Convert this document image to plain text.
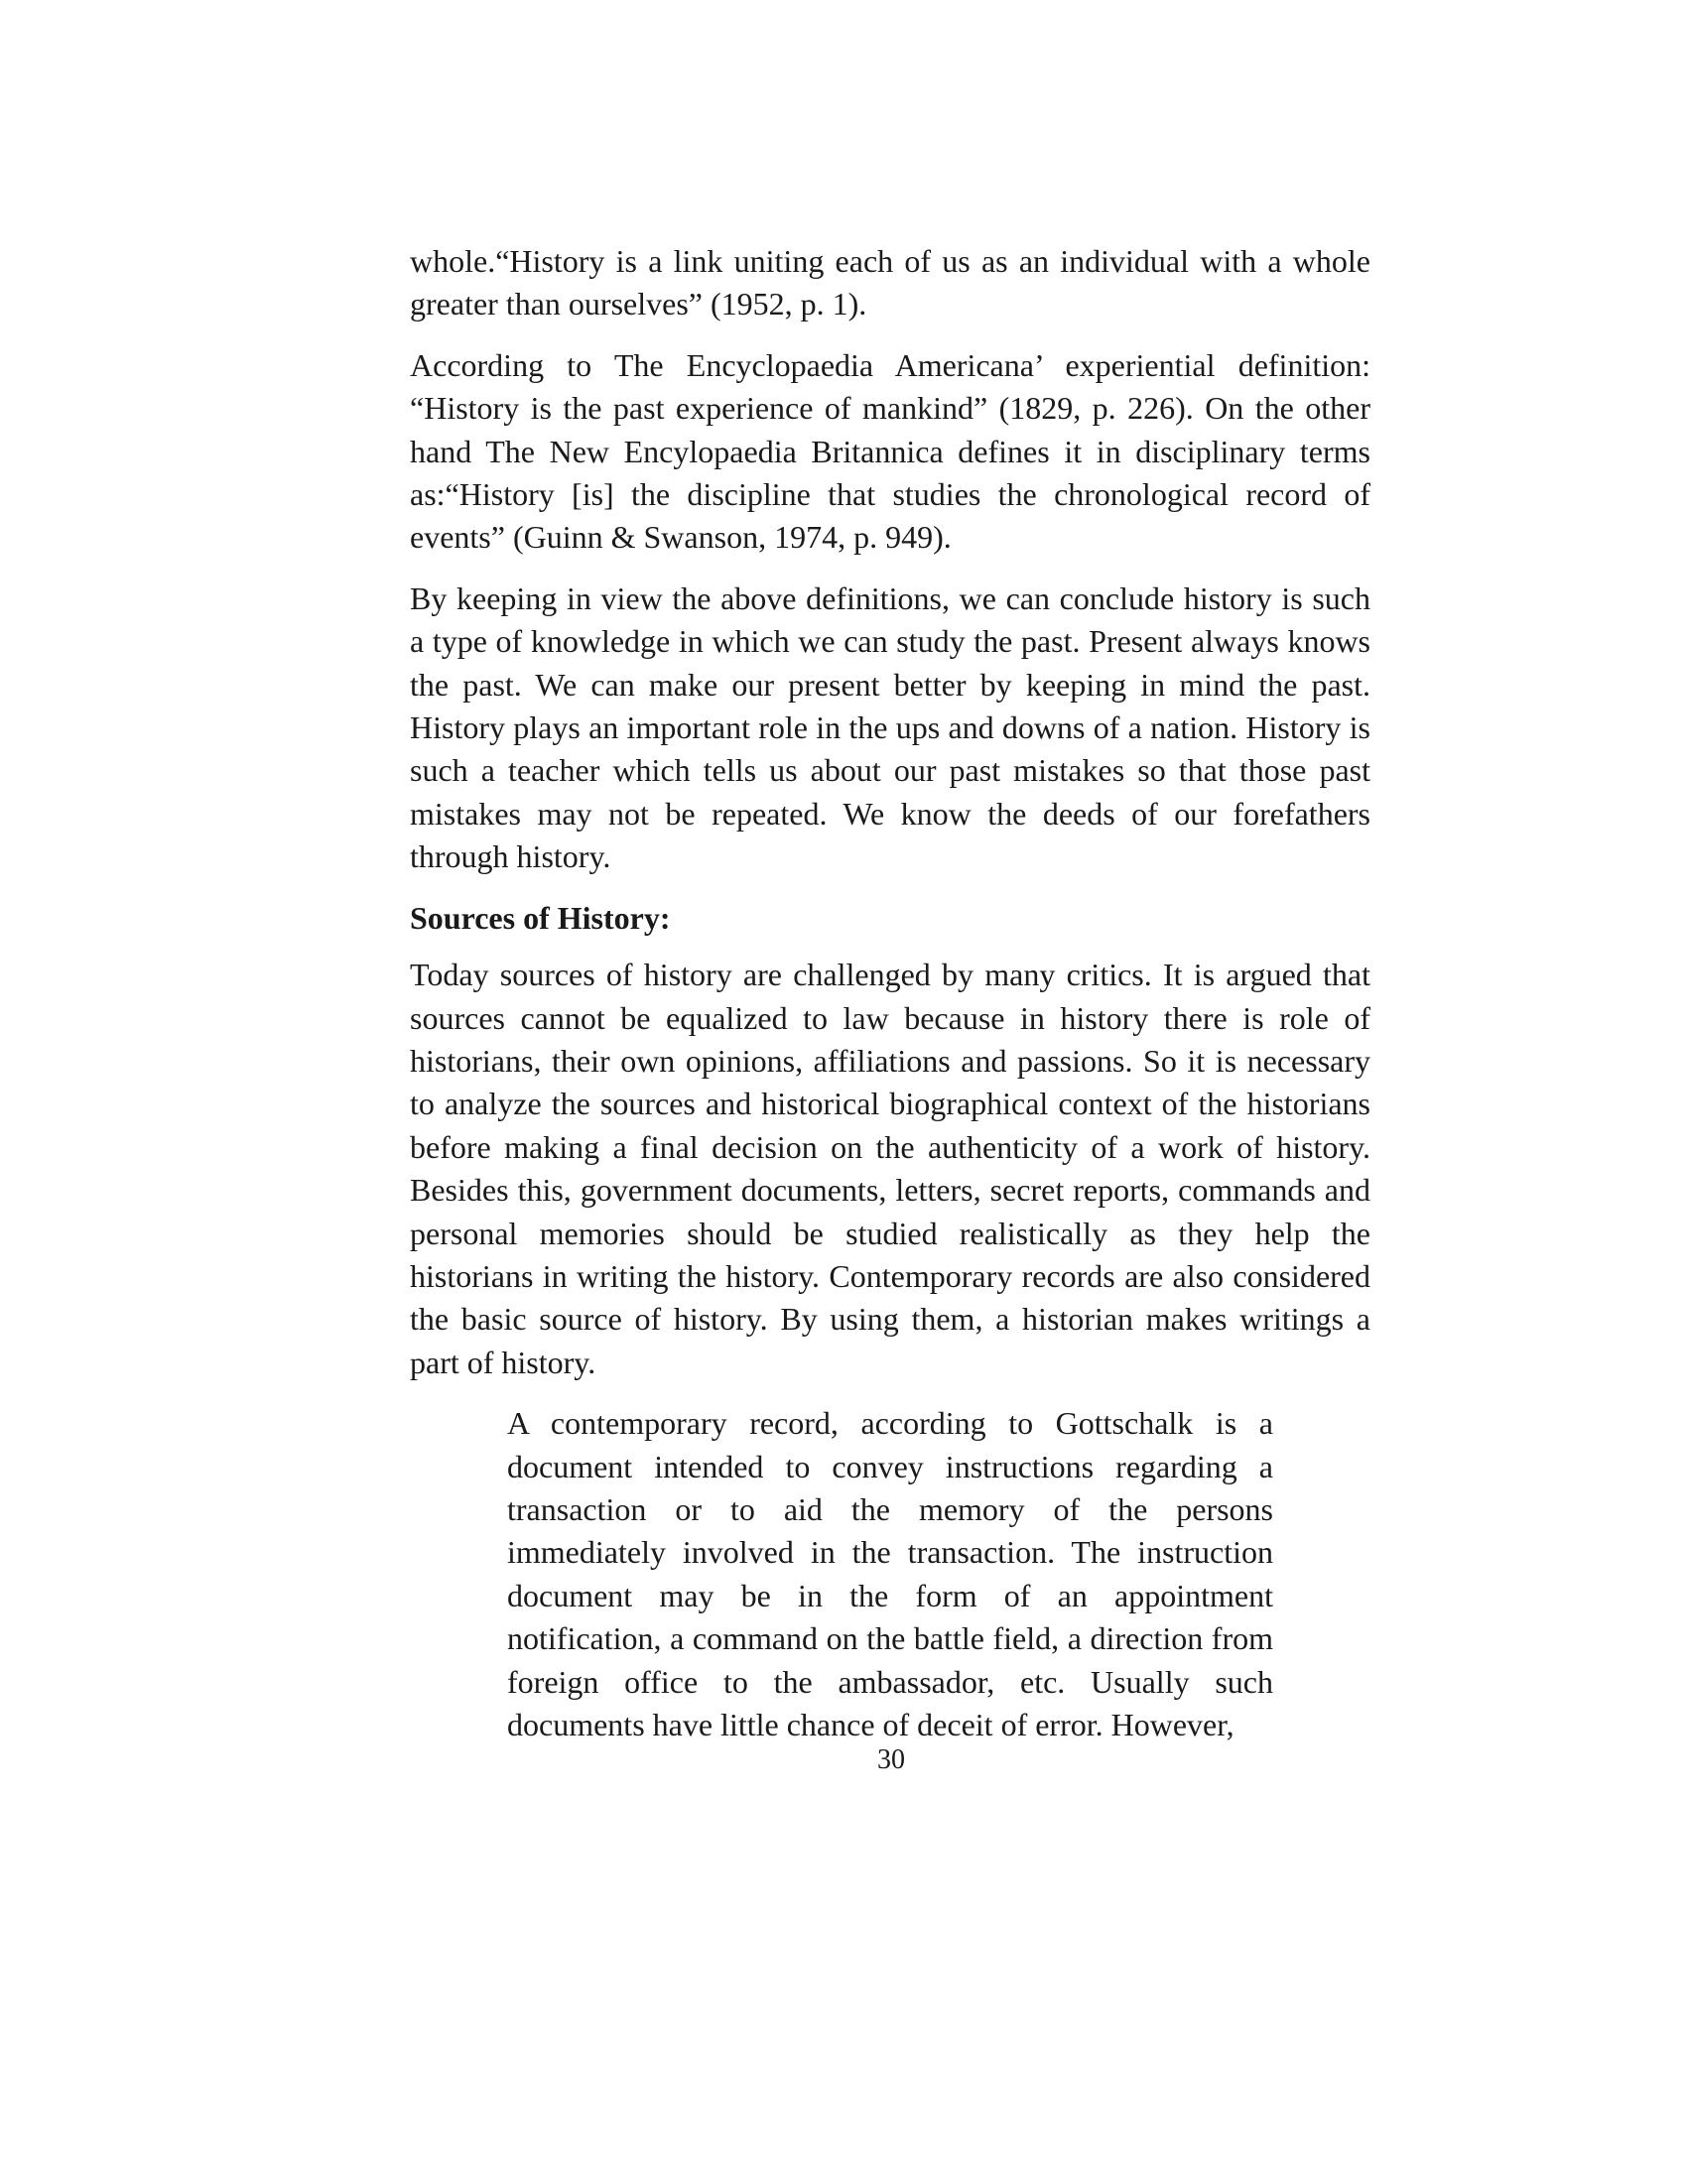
whole.“History is a link uniting each of us as an individual with a whole greater than ourselves” (1952, p. 1).

According to The Encyclopaedia Americana’ experiential definition: “History is the past experience of mankind” (1829, p. 226). On the other hand The New Encylopaedia Britannica defines it in disciplinary terms as:“History [is] the discipline that studies the chronological record of events” (Guinn & Swanson, 1974, p. 949).

By keeping in view the above definitions, we can conclude history is such a type of knowledge in which we can study the past. Present always knows the past. We can make our present better by keeping in mind the past. History plays an important role in the ups and downs of a nation. History is such a teacher which tells us about our past mistakes so that those past mistakes may not be repeated. We know the deeds of our forefathers through history.

Sources of History:

Today sources of history are challenged by many critics. It is argued that sources cannot be equalized to law because in history there is role of historians, their own opinions, affiliations and passions. So it is necessary to analyze the sources and historical biographical context of the historians before making a final decision on the authenticity of a work of history. Besides this, government documents, letters, secret reports, commands and personal memories should be studied realistically as they help the historians in writing the history. Contemporary records are also considered the basic source of history. By using them, a historian makes writings a part of history.

A contemporary record, according to Gottschalk is a document intended to convey instructions regarding a transaction or to aid the memory of the persons immediately involved in the transaction. The instruction document may be in the form of an appointment notification, a command on the battle field, a direction from foreign office to the ambassador, etc. Usually such documents have little chance of deceit of error. However,

30
